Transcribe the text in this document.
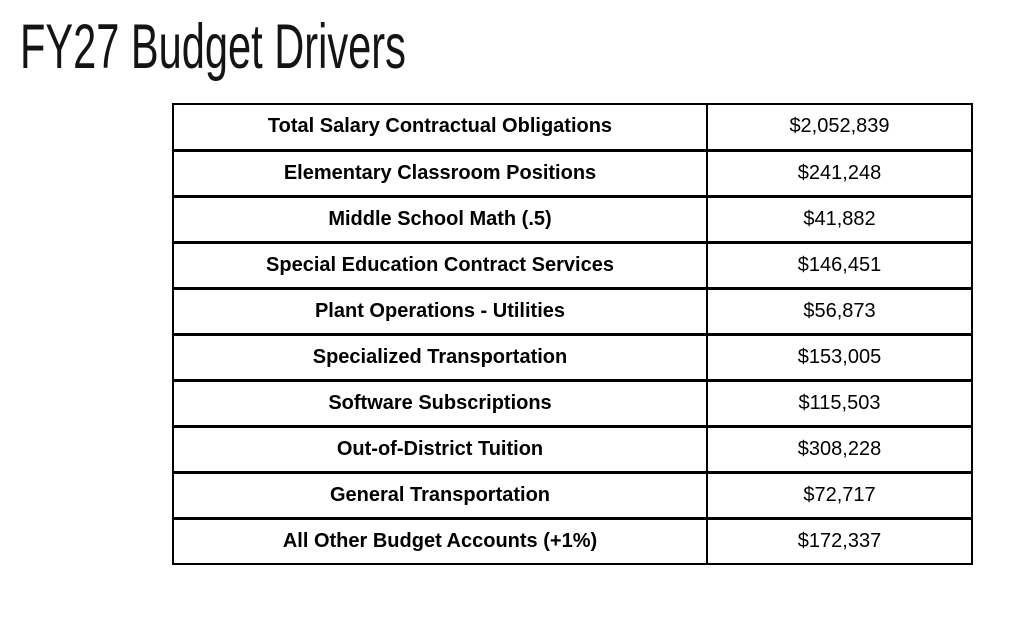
FY27 Budget Drivers
Total Salary Contractual Obligations	$2,052,839
Elementary Classroom Positions	$241,248
Middle School Math (.5)	$41,882
Special Education Contract Services	$146,451
Plant Operations - Utilities	$56,873
Specialized Transportation	$153,005
Software Subscriptions	$115,503
Out-of-District Tuition	$308,228
General Transportation	$72,717
All Other Budget Accounts (+1%)	$172,337
